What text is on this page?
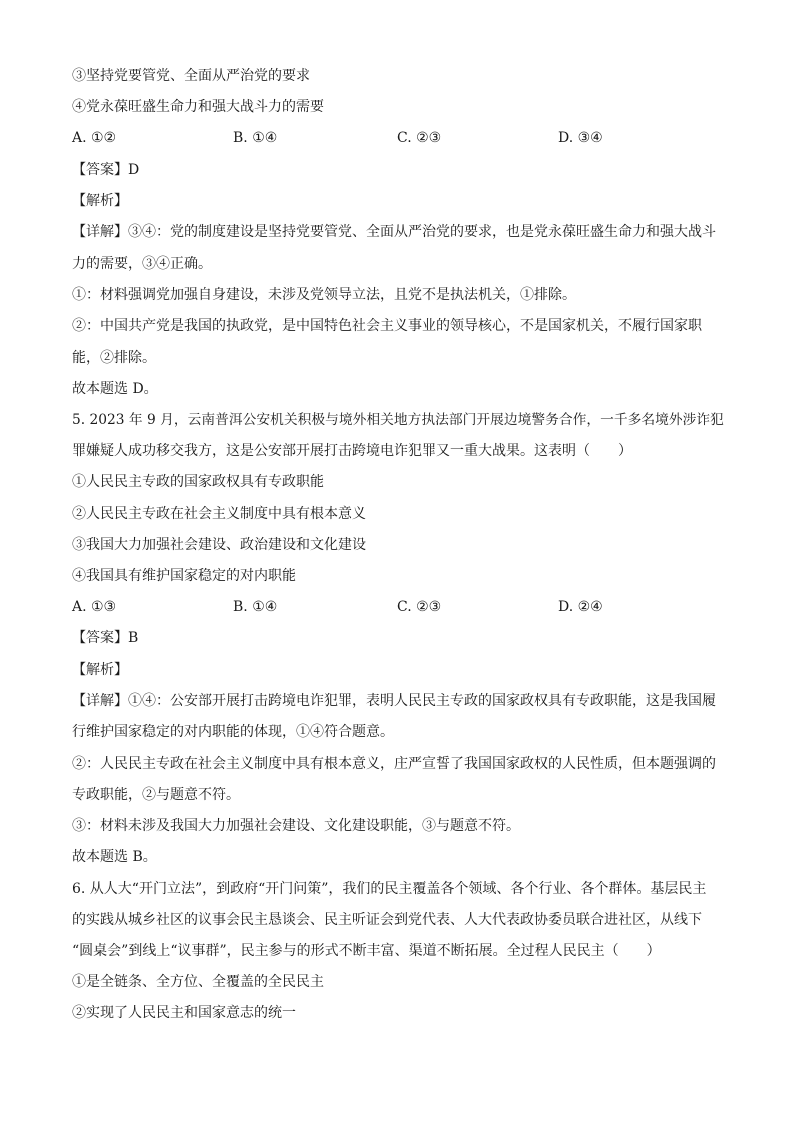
③坚持党要管党、全面从严治党的要求
④党永葆旺盛生命力和强大战斗力的需要
A. ①②	B. ①④	C. ②③	D. ③④
【答案】D
【解析】
【详解】③④：党的制度建设是坚持党要管党、全面从严治党的要求，也是党永葆旺盛生命力和强大战斗
力的需要，③④正确。
①：材料强调党加强自身建设，未涉及党领导立法，且党不是执法机关，①排除。
②：中国共产党是我国的执政党，是中国特色社会主义事业的领导核心，不是国家机关，不履行国家职
能，②排除。
故本题选 D。
5. 2023 年 9 月，云南普洱公安机关积极与境外相关地方执法部门开展边境警务合作，一千多名境外涉诈犯
罪嫌疑人成功移交我方，这是公安部开展打击跨境电诈犯罪又一重大战果。这表明（　　）
①人民民主专政的国家政权具有专政职能
②人民民主专政在社会主义制度中具有根本意义
③我国大力加强社会建设、政治建设和文化建设
④我国具有维护国家稳定的对内职能
A. ①③	B. ①④	C. ②③	D. ②④
【答案】B
【解析】
【详解】①④：公安部开展打击跨境电诈犯罪，表明人民民主专政的国家政权具有专政职能，这是我国履
行维护国家稳定的对内职能的体现，①④符合题意。
②：人民民主专政在社会主义制度中具有根本意义，庄严宣誓了我国国家政权的人民性质，但本题强调的
专政职能，②与题意不符。
③：材料未涉及我国大力加强社会建设、文化建设职能，③与题意不符。
故本题选 B。
6. 从人大“开门立法”，到政府“开门问策”，我们的民主覆盖各个领域、各个行业、各个群体。基层民主
的实践从城乡社区的议事会民主恳谈会、民主听证会到党代表、人大代表政协委员联合进社区，从线下
“圆桌会”到线上“议事群”，民主参与的形式不断丰富、渠道不断拓展。全过程人民民主（　　）
①是全链条、全方位、全覆盖的全民民主
②实现了人民民主和国家意志的统一
